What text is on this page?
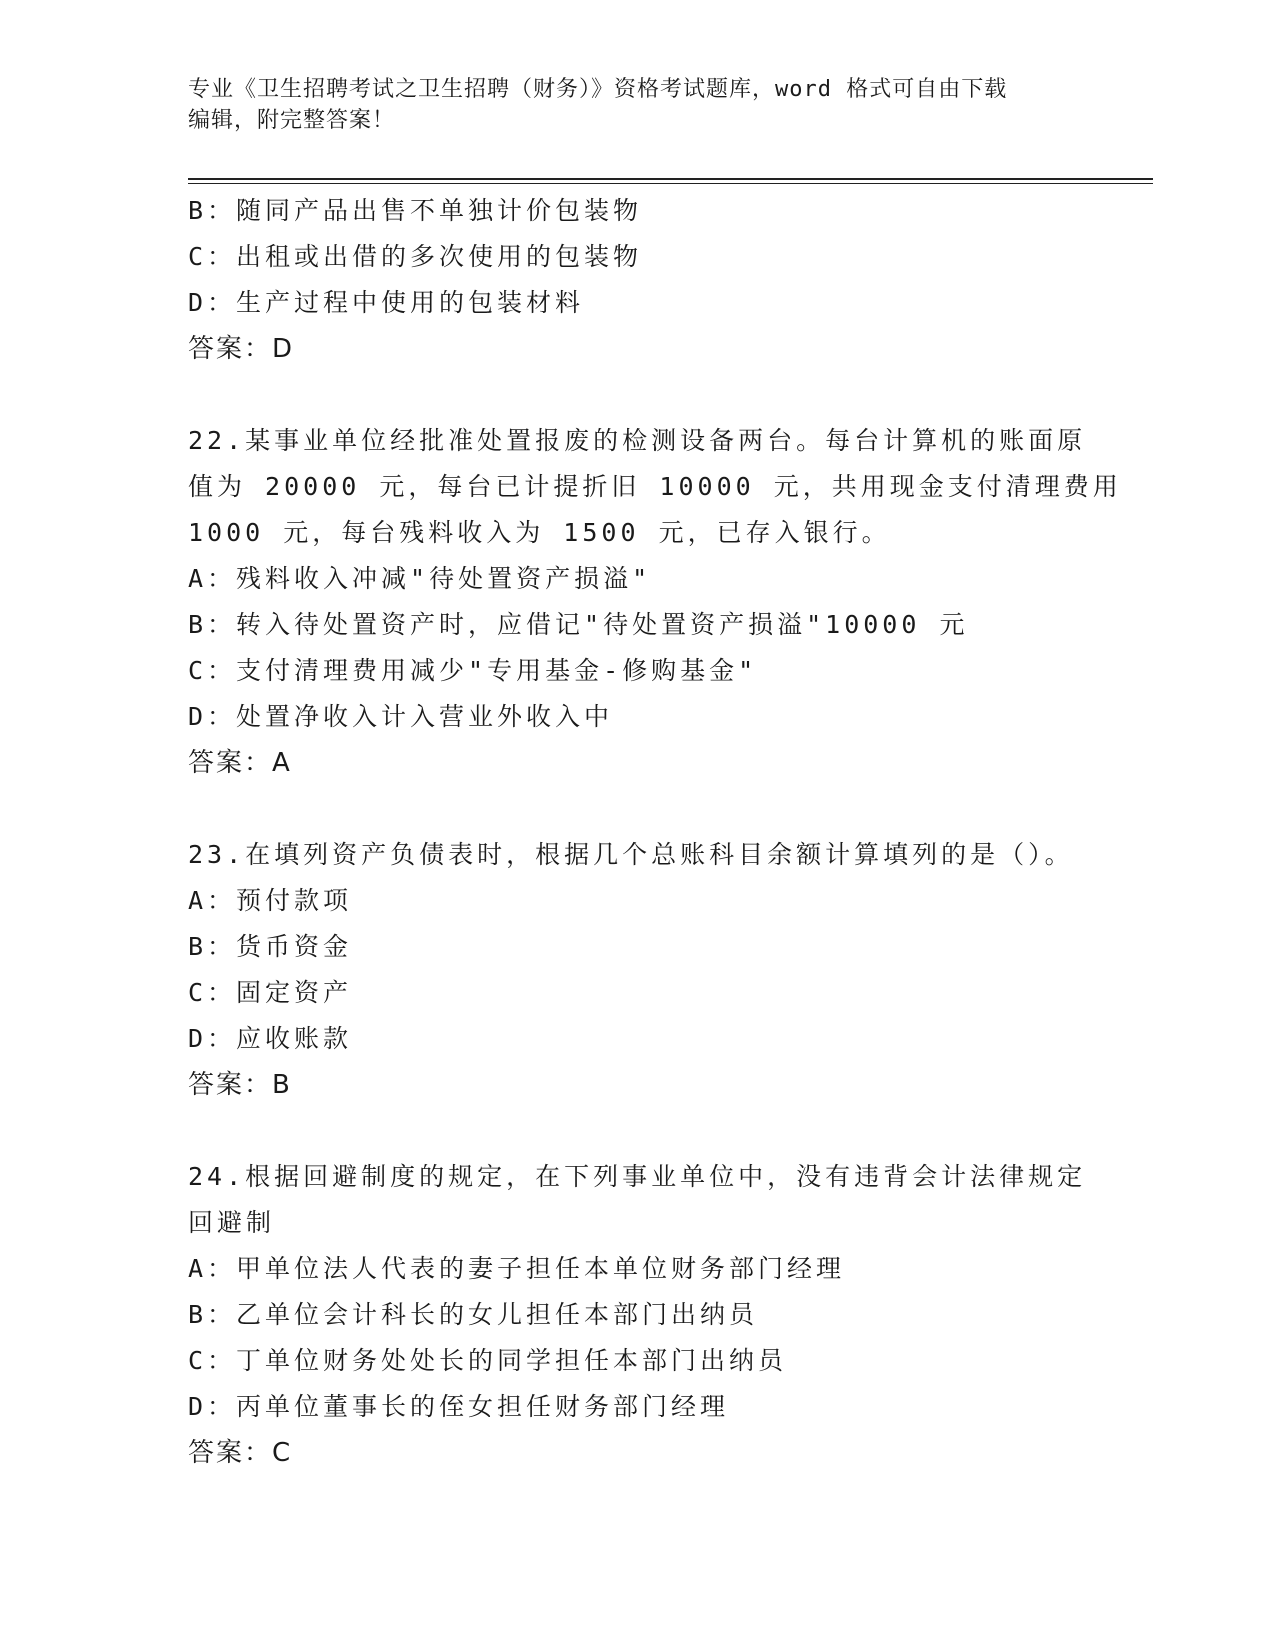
专业《卫生招聘考试之卫生招聘（财务）》资格考试题库，word 格式可自由下载
编辑，附完整答案！
B：随同产品出售不单独计价包装物
C：出租或出借的多次使用的包装物
D：生产过程中使用的包装材料
答案：D
22.某事业单位经批准处置报废的检测设备两台。每台计算机的账面原
值为 20000 元，每台已计提折旧 10000 元，共用现金支付清理费用
1000 元，每台残料收入为 1500 元，已存入银行。
A：残料收入冲减"待处置资产损溢"
B：转入待处置资产时，应借记"待处置资产损溢"10000 元
C：支付清理费用减少"专用基金-修购基金"
D：处置净收入计入营业外收入中
答案：A
23.在填列资产负债表时，根据几个总账科目余额计算填列的是（）。
A：预付款项
B：货币资金
C：固定资产
D：应收账款
答案：B
24.根据回避制度的规定，在下列事业单位中，没有违背会计法律规定
回避制
A：甲单位法人代表的妻子担任本单位财务部门经理
B：乙单位会计科长的女儿担任本部门出纳员
C：丁单位财务处处长的同学担任本部门出纳员
D：丙单位董事长的侄女担任财务部门经理
答案：C
